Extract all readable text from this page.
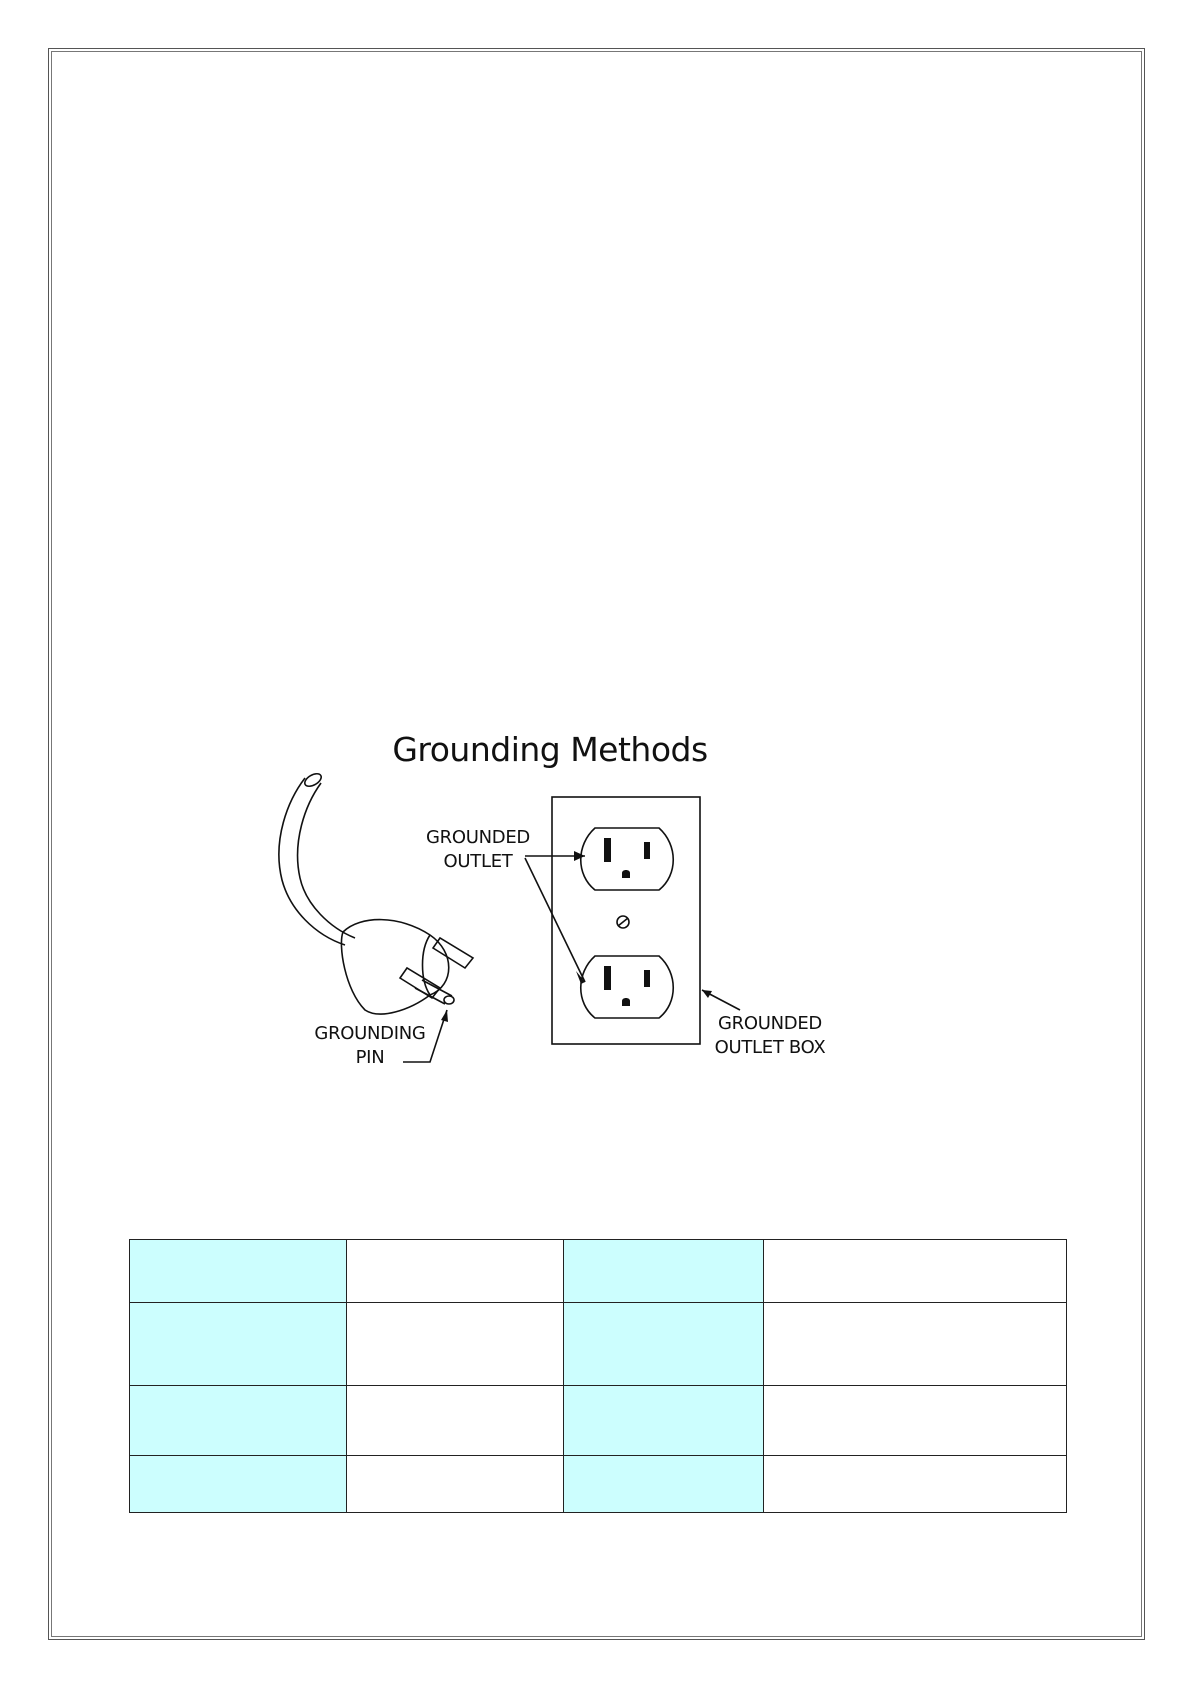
Grounding Methods
GROUNDED
OUTLET
GROUNDING
PIN
GROUNDED
OUTLET BOX
